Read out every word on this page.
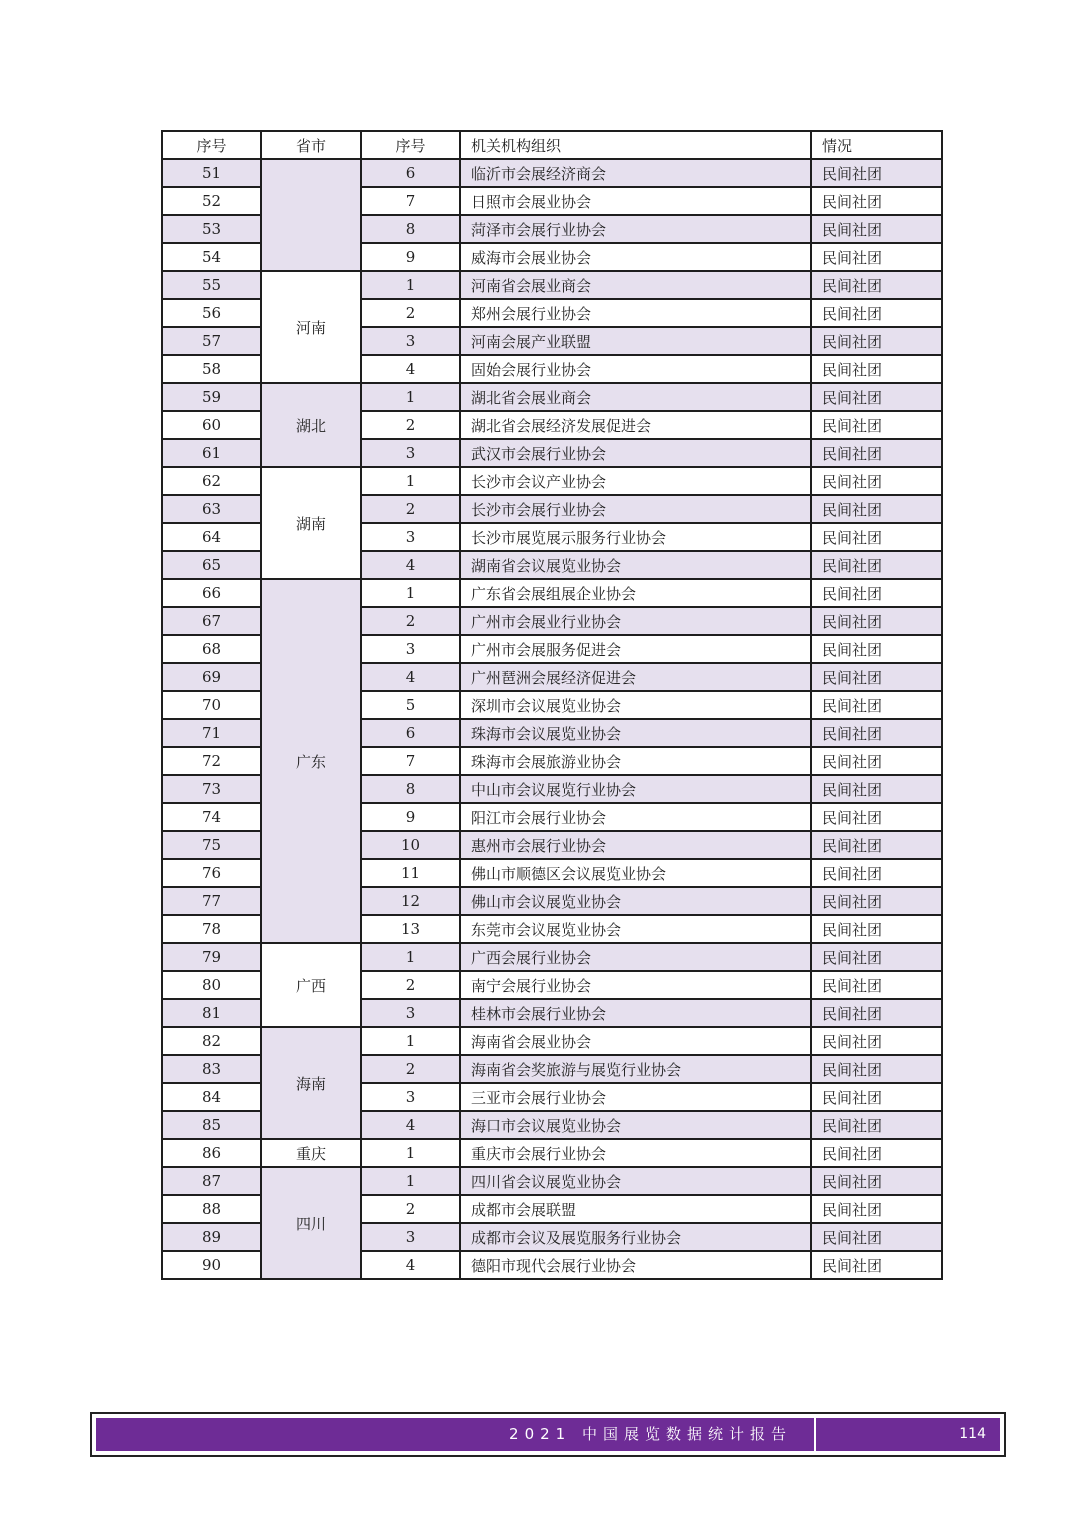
序号	省市	序号	机关机构组织	情况
51		6	临沂市会展经济商会	民间社团
52		7	日照市会展业协会	民间社团
53		8	菏泽市会展行业协会	民间社团
54		9	威海市会展业协会	民间社团
55	河南	1	河南省会展业商会	民间社团
56		2	郑州会展行业协会	民间社团
57		3	河南会展产业联盟	民间社团
58		4	固始会展行业协会	民间社团
59	湖北	1	湖北省会展业商会	民间社团
60		2	湖北省会展经济发展促进会	民间社团
61		3	武汉市会展行业协会	民间社团
62	湖南	1	长沙市会议产业协会	民间社团
63		2	长沙市会展行业协会	民间社团
64		3	长沙市展览展示服务行业协会	民间社团
65		4	湖南省会议展览业协会	民间社团
66	广东	1	广东省会展组展企业协会	民间社团
67		2	广州市会展业行业协会	民间社团
68		3	广州市会展服务促进会	民间社团
69		4	广州琶洲会展经济促进会	民间社团
70		5	深圳市会议展览业协会	民间社团
71		6	珠海市会议展览业协会	民间社团
72		7	珠海市会展旅游业协会	民间社团
73		8	中山市会议展览行业协会	民间社团
74		9	阳江市会展行业协会	民间社团
75		10	惠州市会展行业协会	民间社团
76		11	佛山市顺德区会议展览业协会	民间社团
77		12	佛山市会议展览业协会	民间社团
78		13	东莞市会议展览业协会	民间社团
79	广西	1	广西会展行业协会	民间社团
80		2	南宁会展行业协会	民间社团
81		3	桂林市会展行业协会	民间社团
82	海南	1	海南省会展业协会	民间社团
83		2	海南省会奖旅游与展览行业协会	民间社团
84		3	三亚市会展行业协会	民间社团
85		4	海口市会议展览业协会	民间社团
86	重庆	1	重庆市会展行业协会	民间社团
87	四川	1	四川省会议展览业协会	民间社团
88		2	成都市会展联盟	民间社团
89		3	成都市会议及展览服务行业协会	民间社团
90		4	德阳市现代会展行业协会	民间社团
2021 中国展览数据统计报告	114
